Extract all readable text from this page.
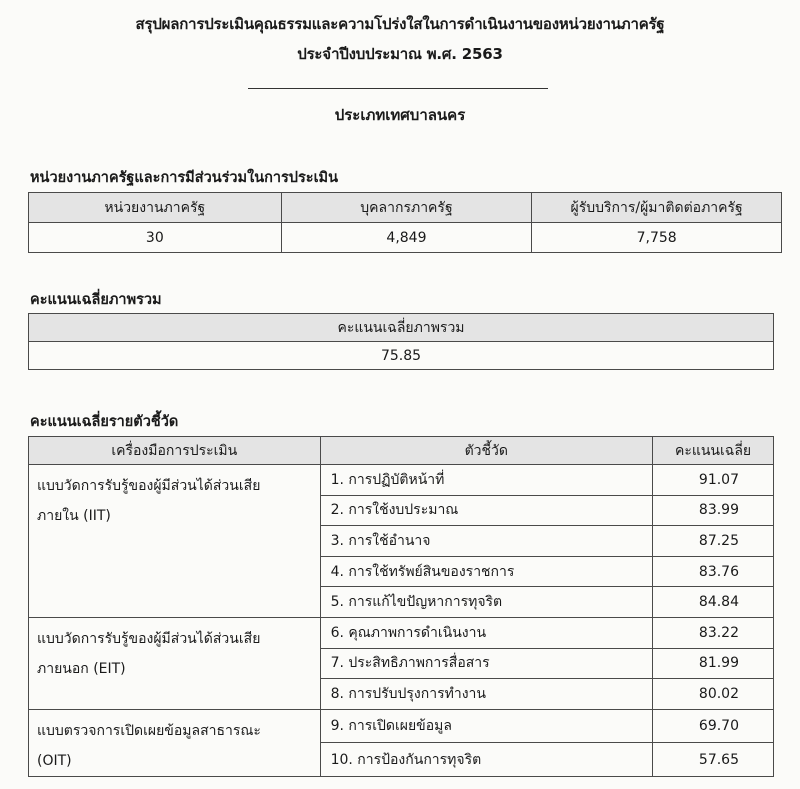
สรุปผลการประเมินคุณธรรมและความโปร่งใสในการดำเนินงานของหน่วยงานภาครัฐ
ประจำปีงบประมาณ พ.ศ. 2563
ประเภทเทศบาลนคร
หน่วยงานภาครัฐและการมีส่วนร่วมในการประเมิน
หน่วยงานภาครัฐ	บุคลากรภาครัฐ	ผู้รับบริการ/ผู้มาติดต่อภาครัฐ
30	4,849	7,758
คะแนนเฉลี่ยภาพรวม
คะแนนเฉลี่ยภาพรวม
75.85
คะแนนเฉลี่ยรายตัวชี้วัด
เครื่องมือการประเมิน	ตัวชี้วัด	คะแนนเฉลี่ย
แบบวัดการรับรู้ของผู้มีส่วนได้ส่วนเสีย
ภายใน (IIT)	1. การปฏิบัติหน้าที่	91.07
	2. การใช้งบประมาณ	83.99
	3. การใช้อำนาจ	87.25
	4. การใช้ทรัพย์สินของราชการ	83.76
	5. การแก้ไขปัญหาการทุจริต	84.84
แบบวัดการรับรู้ของผู้มีส่วนได้ส่วนเสีย
ภายนอก (EIT)	6. คุณภาพการดำเนินงาน	83.22
	7. ประสิทธิภาพการสื่อสาร	81.99
	8. การปรับปรุงการทำงาน	80.02
แบบตรวจการเปิดเผยข้อมูลสาธารณะ
(OIT)	9. การเปิดเผยข้อมูล	69.70
	10. การป้องกันการทุจริต	57.65
